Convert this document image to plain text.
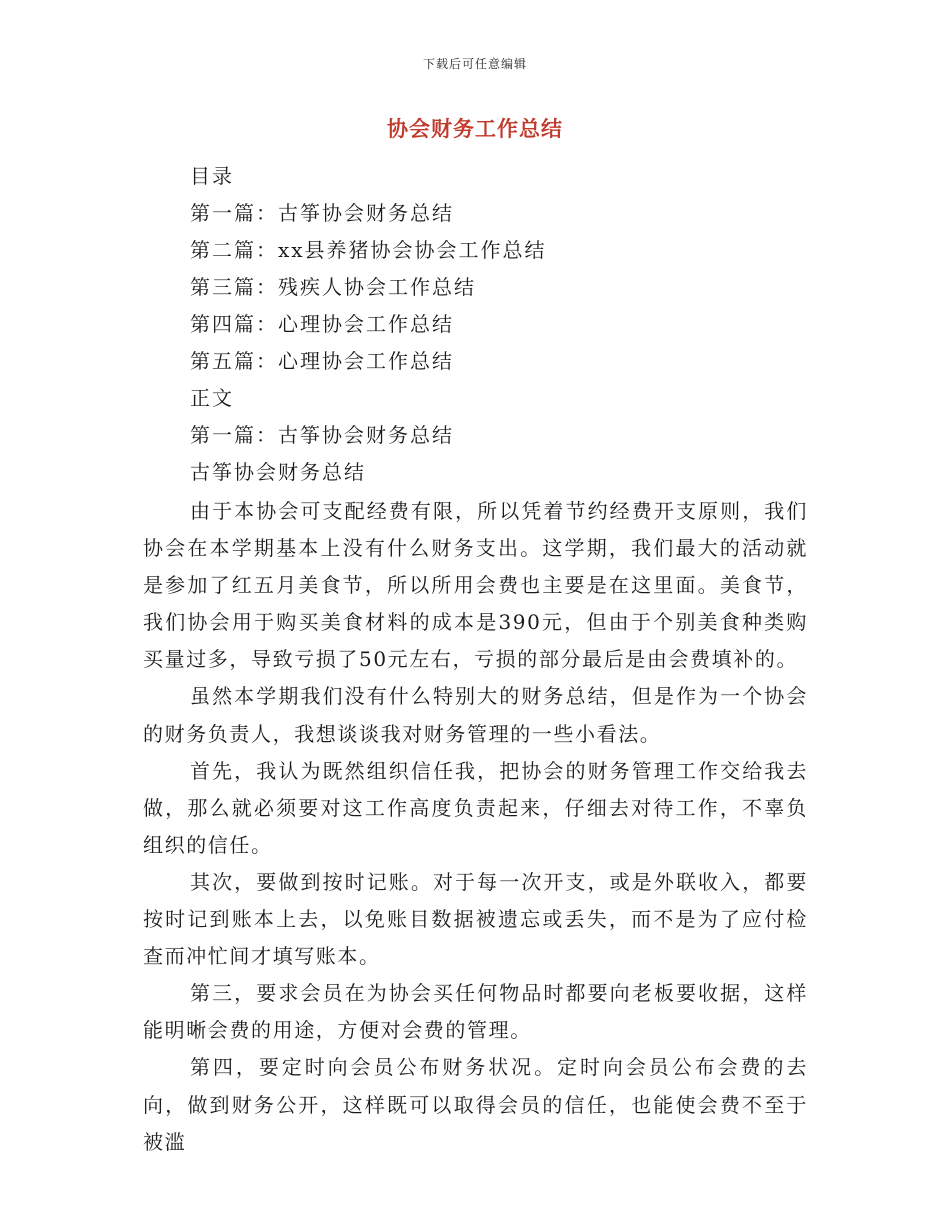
下载后可任意编辑
协会财务工作总结
目录
第一篇：古筝协会财务总结
第二篇：xx县养猪协会协会工作总结
第三篇：残疾人协会工作总结
第四篇：心理协会工作总结
第五篇：心理协会工作总结
正文
第一篇：古筝协会财务总结
古筝协会财务总结

由于本协会可支配经费有限，所以凭着节约经费开支原则，我们协会在本学期基本上没有什么财务支出。这学期，我们最大的活动就是参加了红五月美食节，所以所用会费也主要是在这里面。美食节，我们协会用于购买美食材料的成本是390元，但由于个别美食种类购买量过多，导致亏损了50元左右，亏损的部分最后是由会费填补的。

虽然本学期我们没有什么特别大的财务总结，但是作为一个协会的财务负责人，我想谈谈我对财务管理的一些小看法。

首先，我认为既然组织信任我，把协会的财务管理工作交给我去做，那么就必须要对这工作高度负责起来，仔细去对待工作，不辜负组织的信任。

其次，要做到按时记账。对于每一次开支，或是外联收入，都要按时记到账本上去，以免账目数据被遗忘或丢失，而不是为了应付检查而冲忙间才填写账本。

第三，要求会员在为协会买任何物品时都要向老板要收据，这样能明晰会费的用途，方便对会费的管理。

第四，要定时向会员公布财务状况。定时向会员公布会费的去向，做到财务公开，这样既可以取得会员的信任，也能使会费不至于被滥
